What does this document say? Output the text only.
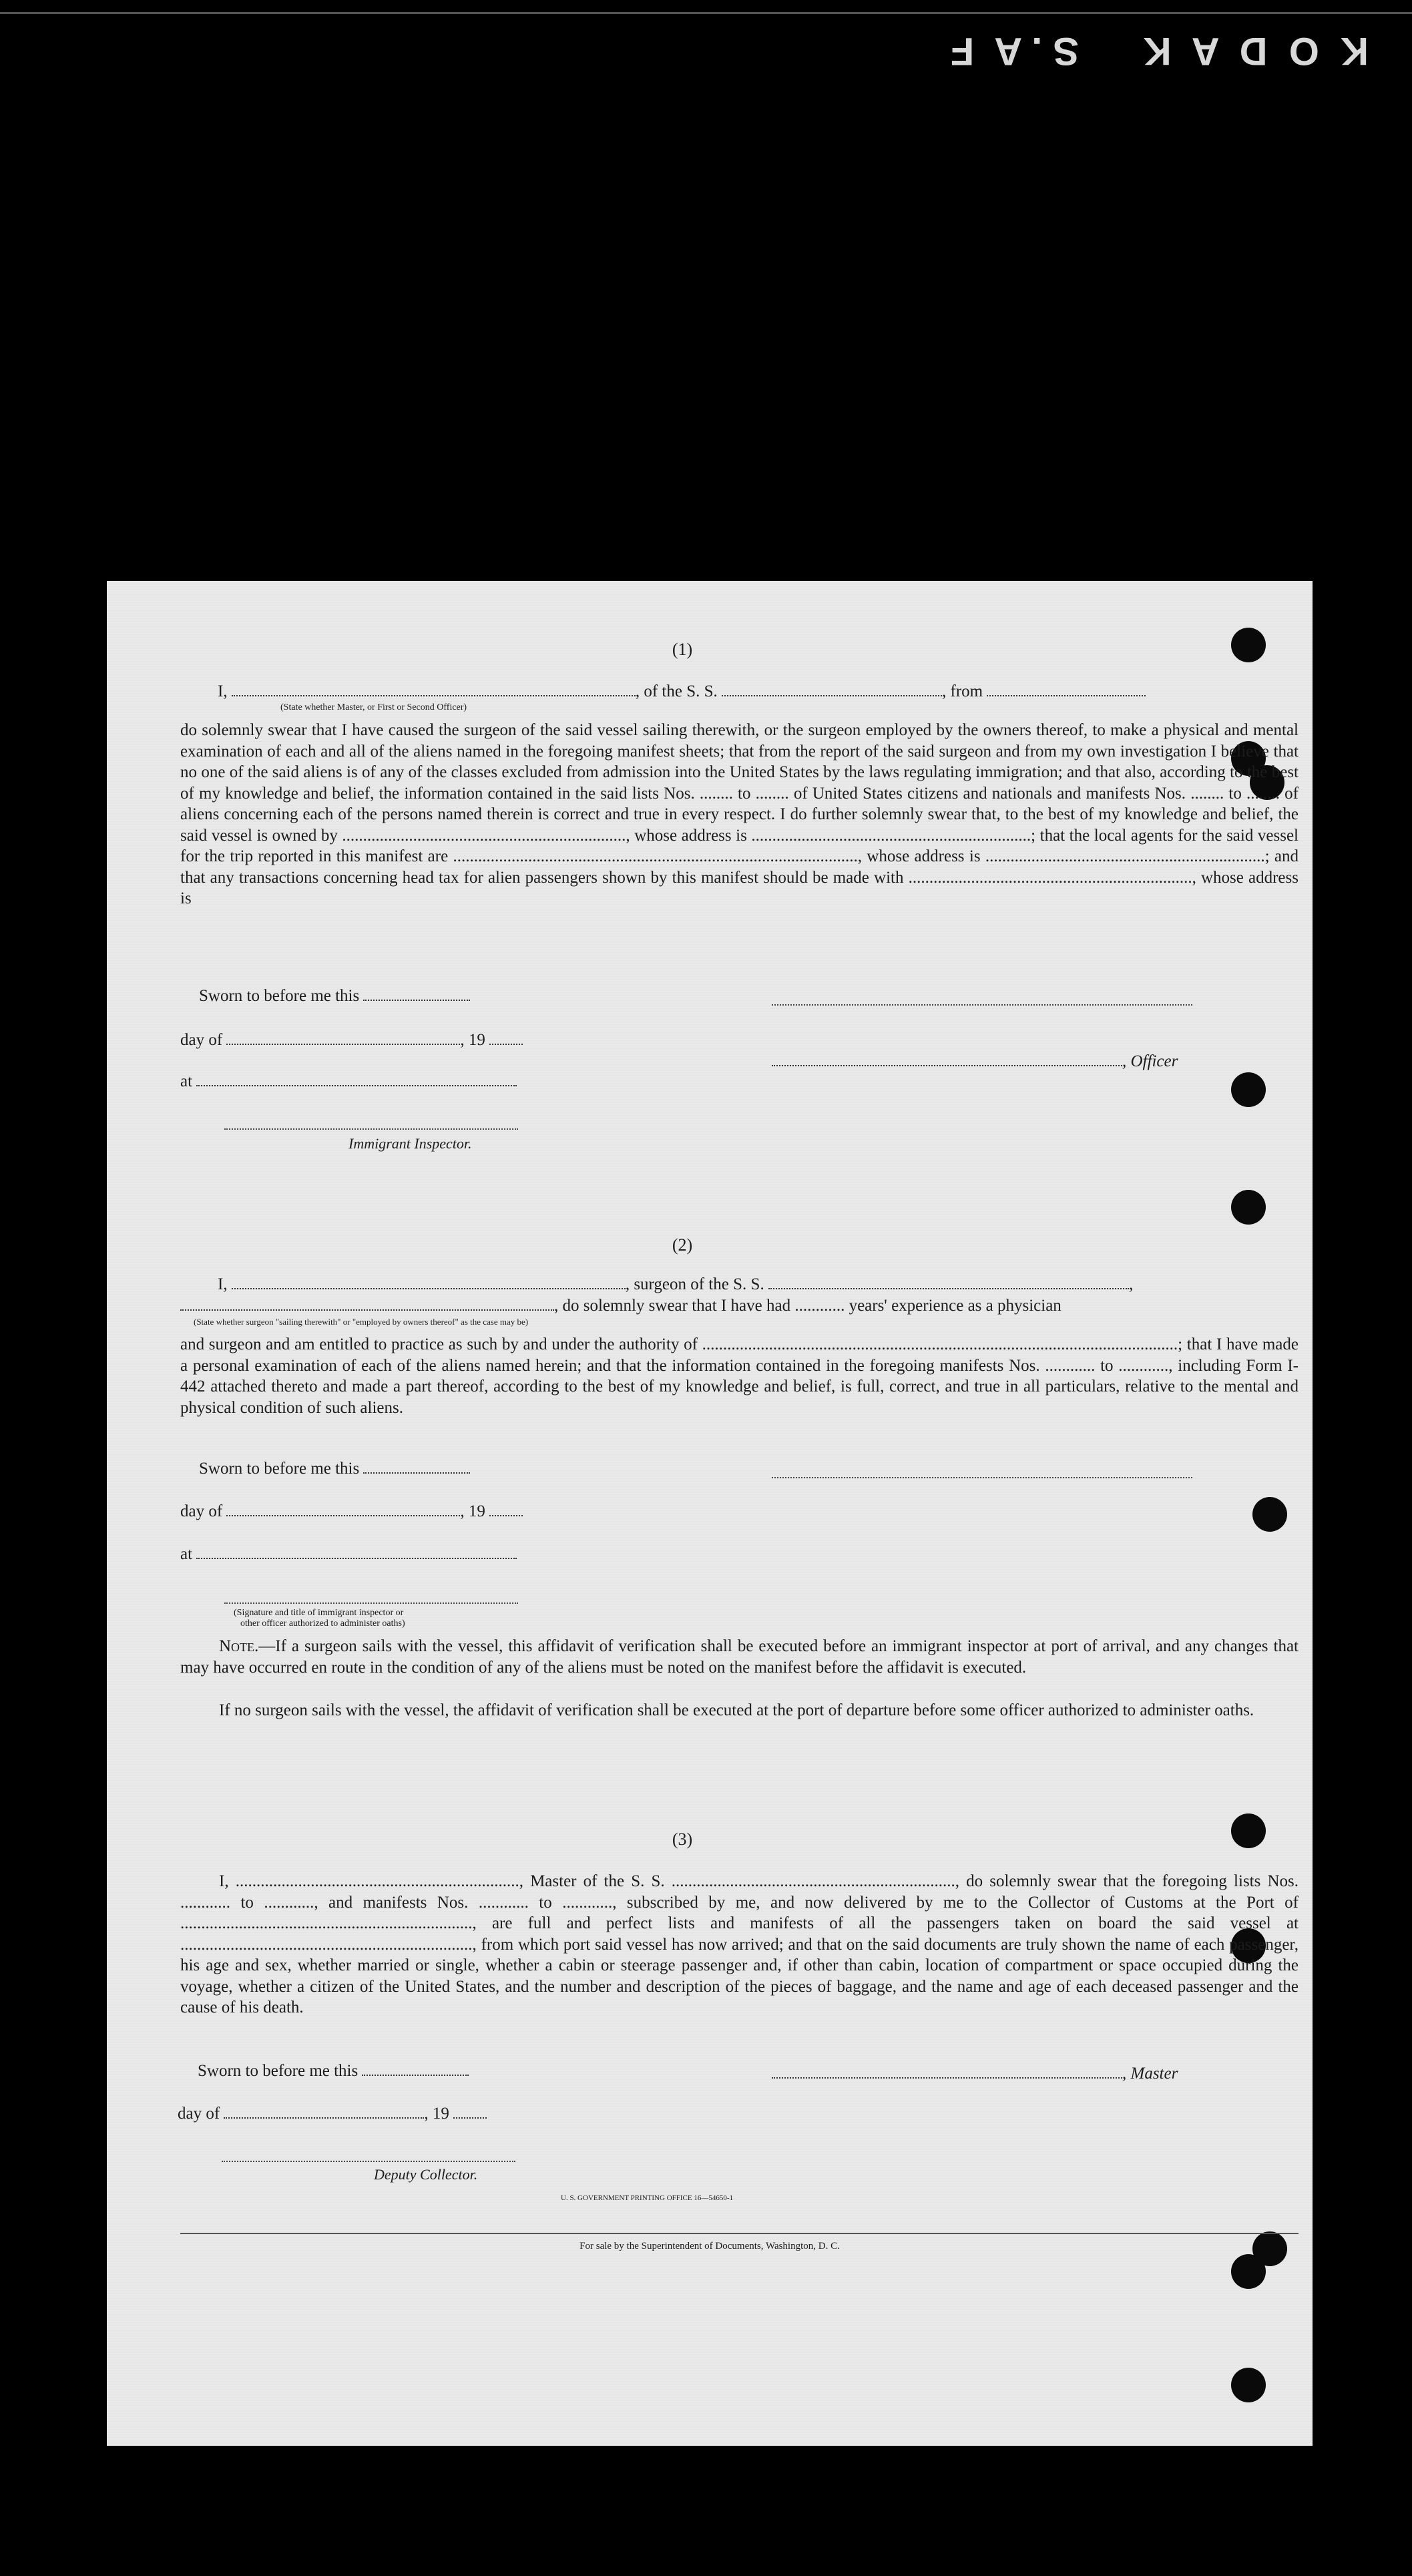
K  O  D  A  K      S . A  F
(1)
I,	, of the S. S.	, from
(State whether Master, or First or Second Officer)
do solemnly swear that I have caused the surgeon of the said vessel sailing therewith, or the surgeon employed by the owners thereof, to make a physical and mental examination of each and all of the aliens named in the foregoing manifest sheets; that from the report of the said surgeon and from my own investigation I believe that no one of the said aliens is of any of the classes excluded from admission into the United States by the laws regulating immigration; and that also, according to the best of my knowledge and belief, the information contained in the said lists Nos. ........ to ........ of United States citizens and nationals and manifests Nos. ........ to ........ of aliens concerning each of the persons named therein is correct and true in every respect. I do further solemnly swear that, to the best of my knowledge and belief, the said vessel is owned by ...................................................................., whose address is ...................................................................; that the local agents for the said vessel for the trip reported in this manifest are ................................................................................................., whose address is ...................................................................; and that any transactions concerning head tax for alien passengers shown by this manifest should be made with ...................................................................., whose address is
Sworn to before me this
day of	, 19
, Officer
at
Immigrant Inspector.
(2)
I,	, surgeon of the S. S.	,
, do solemnly swear that I have had ............ years' experience as a physician
(State whether surgeon "sailing therewith" or "employed by owners thereof" as the case may be)
and surgeon and am entitled to practice as such by and under the authority of ..................................................................................................................; that I have made a personal examination of each of the aliens named herein; and that the information contained in the foregoing manifests Nos. ............ to ............, including Form I-442 attached thereto and made a part thereof, according to the best of my knowledge and belief, is full, correct, and true in all particulars, relative to the mental and physical condition of such aliens.
Sworn to before me this
day of	, 19
at
(Signature and title of immigrant inspector or
other officer authorized to administer oaths)
Note.—If a surgeon sails with the vessel, this affidavit of verification shall be executed before an immigrant inspector at port of arrival, and any changes that may have occurred en route in the condition of any of the aliens must be noted on the manifest before the affidavit is executed.
If no surgeon sails with the vessel, the affidavit of verification shall be executed at the port of departure before some officer authorized to administer oaths.
(3)
I, ...................................................................., Master of the S. S. ...................................................................., do solemnly swear that the foregoing lists Nos. ............ to ............, and manifests Nos. ............ to ............, subscribed by me, and now delivered by me to the Collector of Customs at the Port of ......................................................................, are full and perfect lists and manifests of all the passengers taken on board the said vessel at ......................................................................, from which port said vessel has now arrived; and that on the said documents are truly shown the name of each passenger, his age and sex, whether married or single, whether a cabin or steerage passenger and, if other than cabin, location of compartment or space occupied during the voyage, whether a citizen of the United States, and the number and description of the pieces of baggage, and the name and age of each deceased passenger and the cause of his death.
Sworn to before me this	, Master
day of	, 19
Deputy Collector.
U. S. GOVERNMENT PRINTING OFFICE 16—54650-1
For sale by the Superintendent of Documents, Washington, D. C.
